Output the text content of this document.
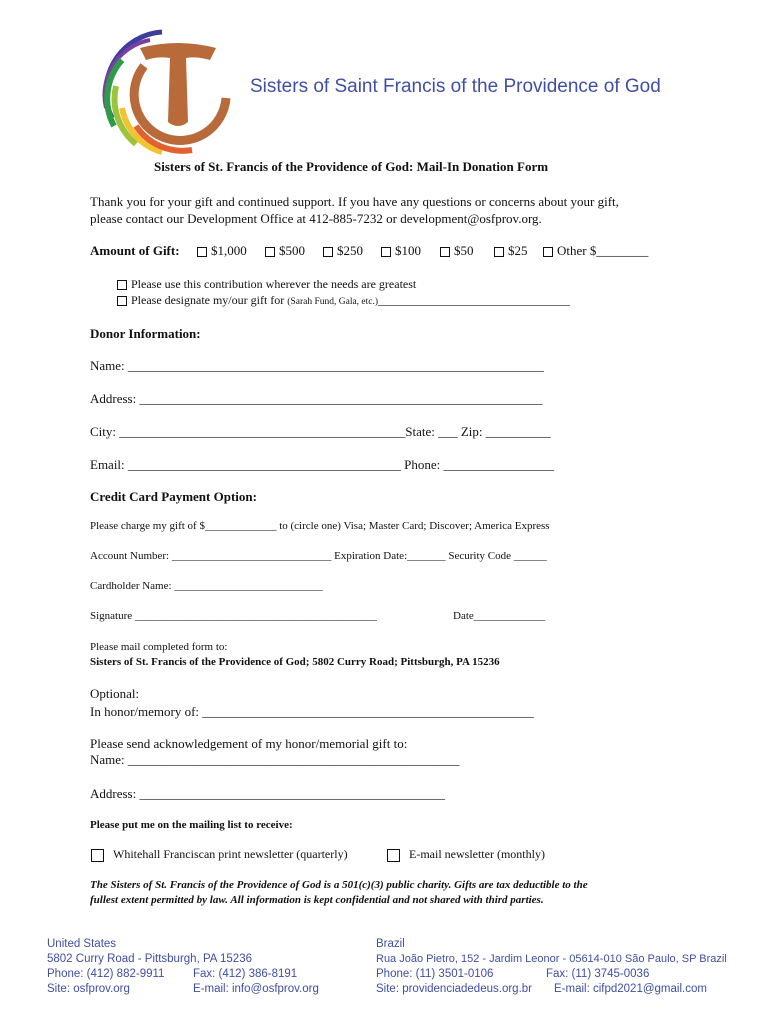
Sisters of Saint Francis of the Providence of God
Sisters of St. Francis of the Providence of God: Mail-In Donation Form
Thank you for your gift and continued support. If you have any questions or concerns about your gift,
please contact our Development Office at 412-885-7232 or development@osfprov.org.
Amount of Gift:	$1,000	$500	$250	$100	$50	$25	Other $________
Please use this contribution wherever the needs are greatest
Please designate my/our gift for (Sarah Fund, Gala, etc.)________________________________
Donor Information:
Name: ________________________________________________________________
Address: ______________________________________________________________
City: ____________________________________________State: ___ Zip: __________
Email: __________________________________________ Phone: _________________
Credit Card Payment Option:
Please charge my gift of $_____________ to (circle one) Visa; Master Card; Discover; America Express
Account Number: _____________________________ Expiration Date:_______ Security Code ______
Cardholder Name: ___________________________
Signature ____________________________________________	Date_____________
Please mail completed form to:
Sisters of St. Francis of the Providence of God; 5802 Curry Road; Pittsburgh, PA 15236
Optional:
In honor/memory of: ___________________________________________________
Please send acknowledgement of my honor/memorial gift to:
Name: ___________________________________________________
Address: _______________________________________________
Please put me on the mailing list to receive:
Whitehall Franciscan print newsletter (quarterly)	E-mail newsletter (monthly)
The Sisters of St. Francis of the Providence of God is a 501(c)(3) public charity. Gifts are tax deductible to the
fullest extent permitted by law. All information is kept confidential and not shared with third parties.
United States
5802 Curry Road - Pittsburgh, PA 15236
Phone: (412) 882-9911 Fax: (412) 386-8191
Site: osfprov.org	E-mail: info@osfprov.org
Brazil
Rua João Pietro, 152 - Jardim Leonor - 05614-010 São Paulo, SP Brazil
Phone: (11) 3501-0106	Fax: (11) 3745-0036
Site: providenciadedeus.org.br E-mail: cifpd2021@gmail.com
